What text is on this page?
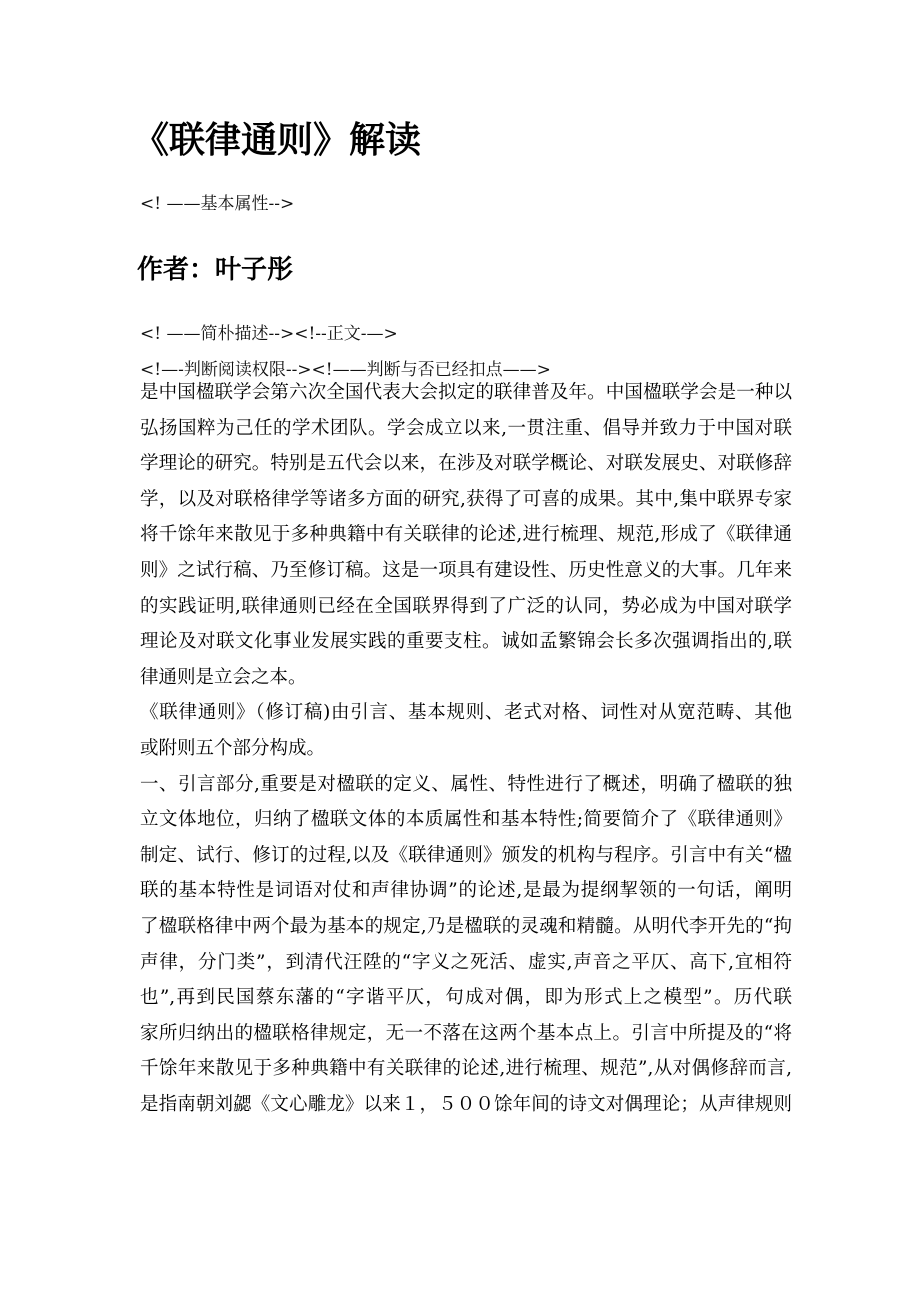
《联律通则》解读
<! ——基本属性-->
作者：叶子彤
<! ——简朴描述--><!--正文-—>
<!—-判断阅读权限--><!——判断与否已经扣点——>
是中国楹联学会第六次全国代表大会拟定的联律普及年。中国楹联学会是一种以
弘扬国粹为己任的学术团队。学会成立以来,一贯注重、倡导并致力于中国对联
学理论的研究。特别是五代会以来，在涉及对联学概论、对联发展史、对联修辞
学，以及对联格律学等诸多方面的研究,获得了可喜的成果。其中,集中联界专家
将千馀年来散见于多种典籍中有关联律的论述,进行梳理、规范,形成了《联律通
则》之试行稿、乃至修订稿。这是一项具有建设性、历史性意义的大事。几年来
的实践证明,联律通则已经在全国联界得到了广泛的认同，势必成为中国对联学
理论及对联文化事业发展实践的重要支柱。诚如孟繁锦会长多次强调指出的,联
律通则是立会之本。
《联律通则》（修订稿)由引言、基本规则、老式对格、词性对从宽范畴、其他
或附则五个部分构成。
一、引言部分,重要是对楹联的定义、属性、特性进行了概述，明确了楹联的独
立文体地位，归纳了楹联文体的本质属性和基本特性;简要简介了《联律通则》
制定、试行、修订的过程,以及《联律通则》颁发的机构与程序。引言中有关“楹
联的基本特性是词语对仗和声律协调”的论述,是最为提纲挈领的一句话，阐明
了楹联格律中两个最为基本的规定,乃是楹联的灵魂和精髓。从明代李开先的“拘
声律，分门类”，到清代汪陞的“字义之死活、虚实,声音之平仄、高下,宜相符
也”,再到民国蔡东藩的“字谐平仄，句成对偶，即为形式上之模型”。历代联
家所归纳出的楹联格律规定，无一不落在这两个基本点上。引言中所提及的“将
千馀年来散见于多种典籍中有关联律的论述,进行梳理、规范”,从对偶修辞而言,
是指南朝刘勰《文心雕龙》以来１，５００馀年间的诗文对偶理论；从声律规则
